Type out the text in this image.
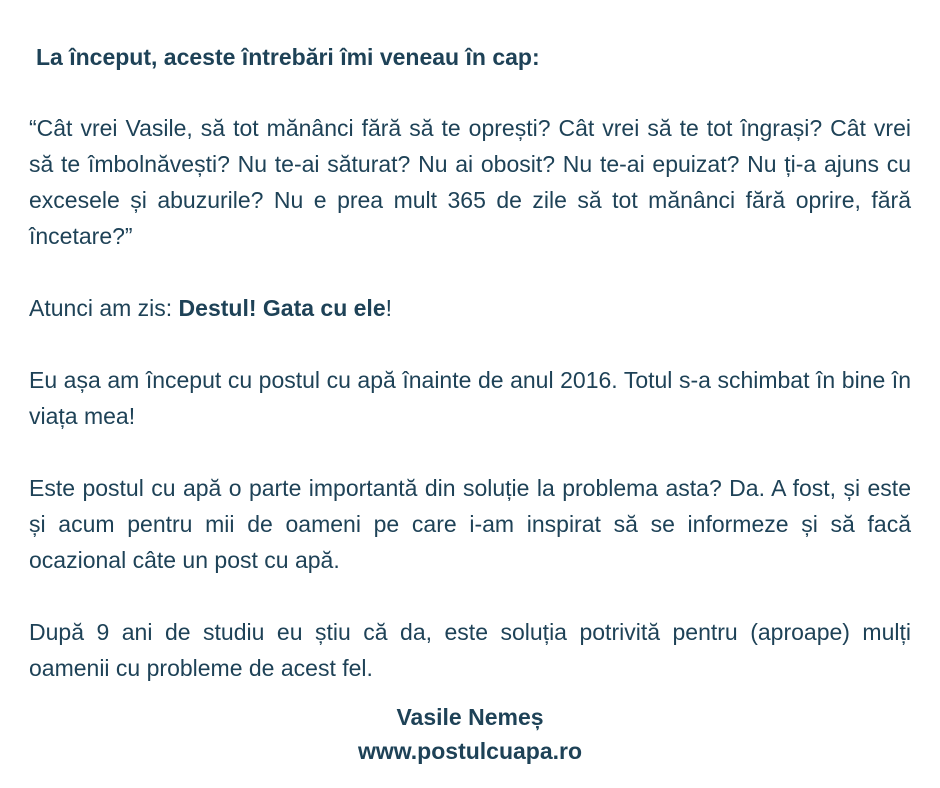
La început, aceste întrebări îmi veneau în cap:

“Cât vrei Vasile, să tot mănânci fără să te oprești? Cât vrei să te tot îngrași? Cât vrei să te îmbolnăvești? Nu te-ai săturat? Nu ai obosit? Nu te-ai epuizat? Nu ți-a ajuns cu excesele și abuzurile? Nu e prea mult 365 de zile să tot mănânci fără oprire, fără încetare?”

Atunci am zis: Destul! Gata cu ele!

Eu așa am început cu postul cu apă înainte de anul 2016. Totul s-a schimbat în bine în viața mea!

Este postul cu apă o parte importantă din soluție la problema asta? Da. A fost, și este și acum pentru mii de oameni pe care i-am inspirat să se informeze și să facă ocazional câte un post cu apă.

După 9 ani de studiu eu știu că da, este soluția potrivită pentru (aproape) mulți oamenii cu probleme de acest fel.

Vasile Nemeș
www.postulcuapa.ro
